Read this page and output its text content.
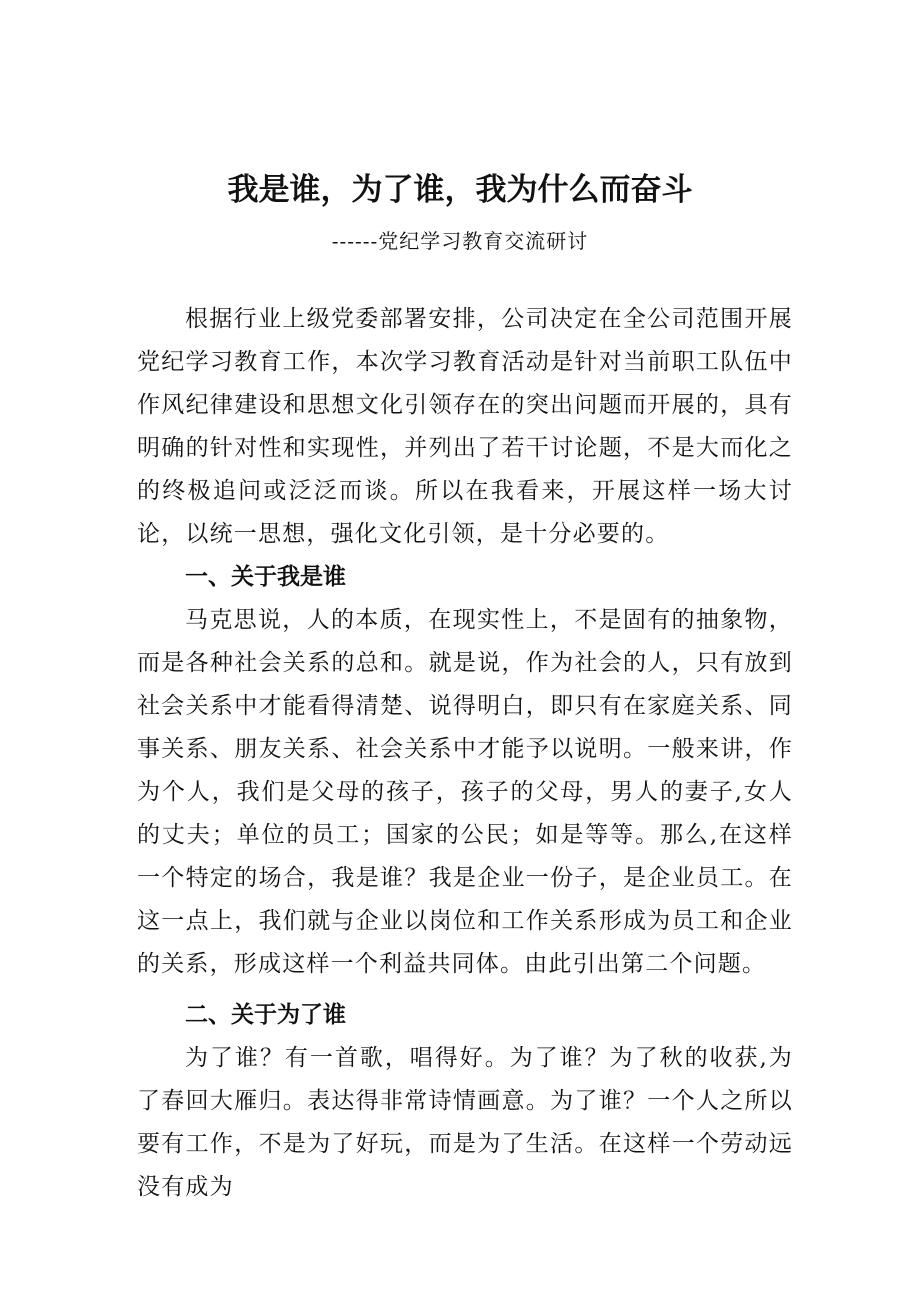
我是谁，为了谁，我为什么而奋斗
------党纪学习教育交流研讨

根据行业上级党委部署安排，公司决定在全公司范围开展党纪学习教育工作，本次学习教育活动是针对当前职工队伍中作风纪律建设和思想文化引领存在的突出问题而开展的，具有明确的针对性和实现性，并列出了若干讨论题，不是大而化之的终极追问或泛泛而谈。所以在我看来，开展这样一场大讨论，以统一思想，强化文化引领，是十分必要的。

一、关于我是谁

马克思说，人的本质，在现实性上，不是固有的抽象物，而是各种社会关系的总和。就是说，作为社会的人，只有放到社会关系中才能看得清楚、说得明白，即只有在家庭关系、同事关系、朋友关系、社会关系中才能予以说明。一般来讲，作为个人，我们是父母的孩子，孩子的父母，男人的妻子,女人的丈夫；单位的员工；国家的公民；如是等等。那么,在这样一个特定的场合，我是谁？我是企业一份子，是企业员工。在这一点上，我们就与企业以岗位和工作关系形成为员工和企业的关系，形成这样一个利益共同体。由此引出第二个问题。

二、关于为了谁

为了谁？有一首歌，唱得好。为了谁？为了秋的收获,为了春回大雁归。表达得非常诗情画意。为了谁？一个人之所以要有工作，不是为了好玩，而是为了生活。在这样一个劳动远没有成为
